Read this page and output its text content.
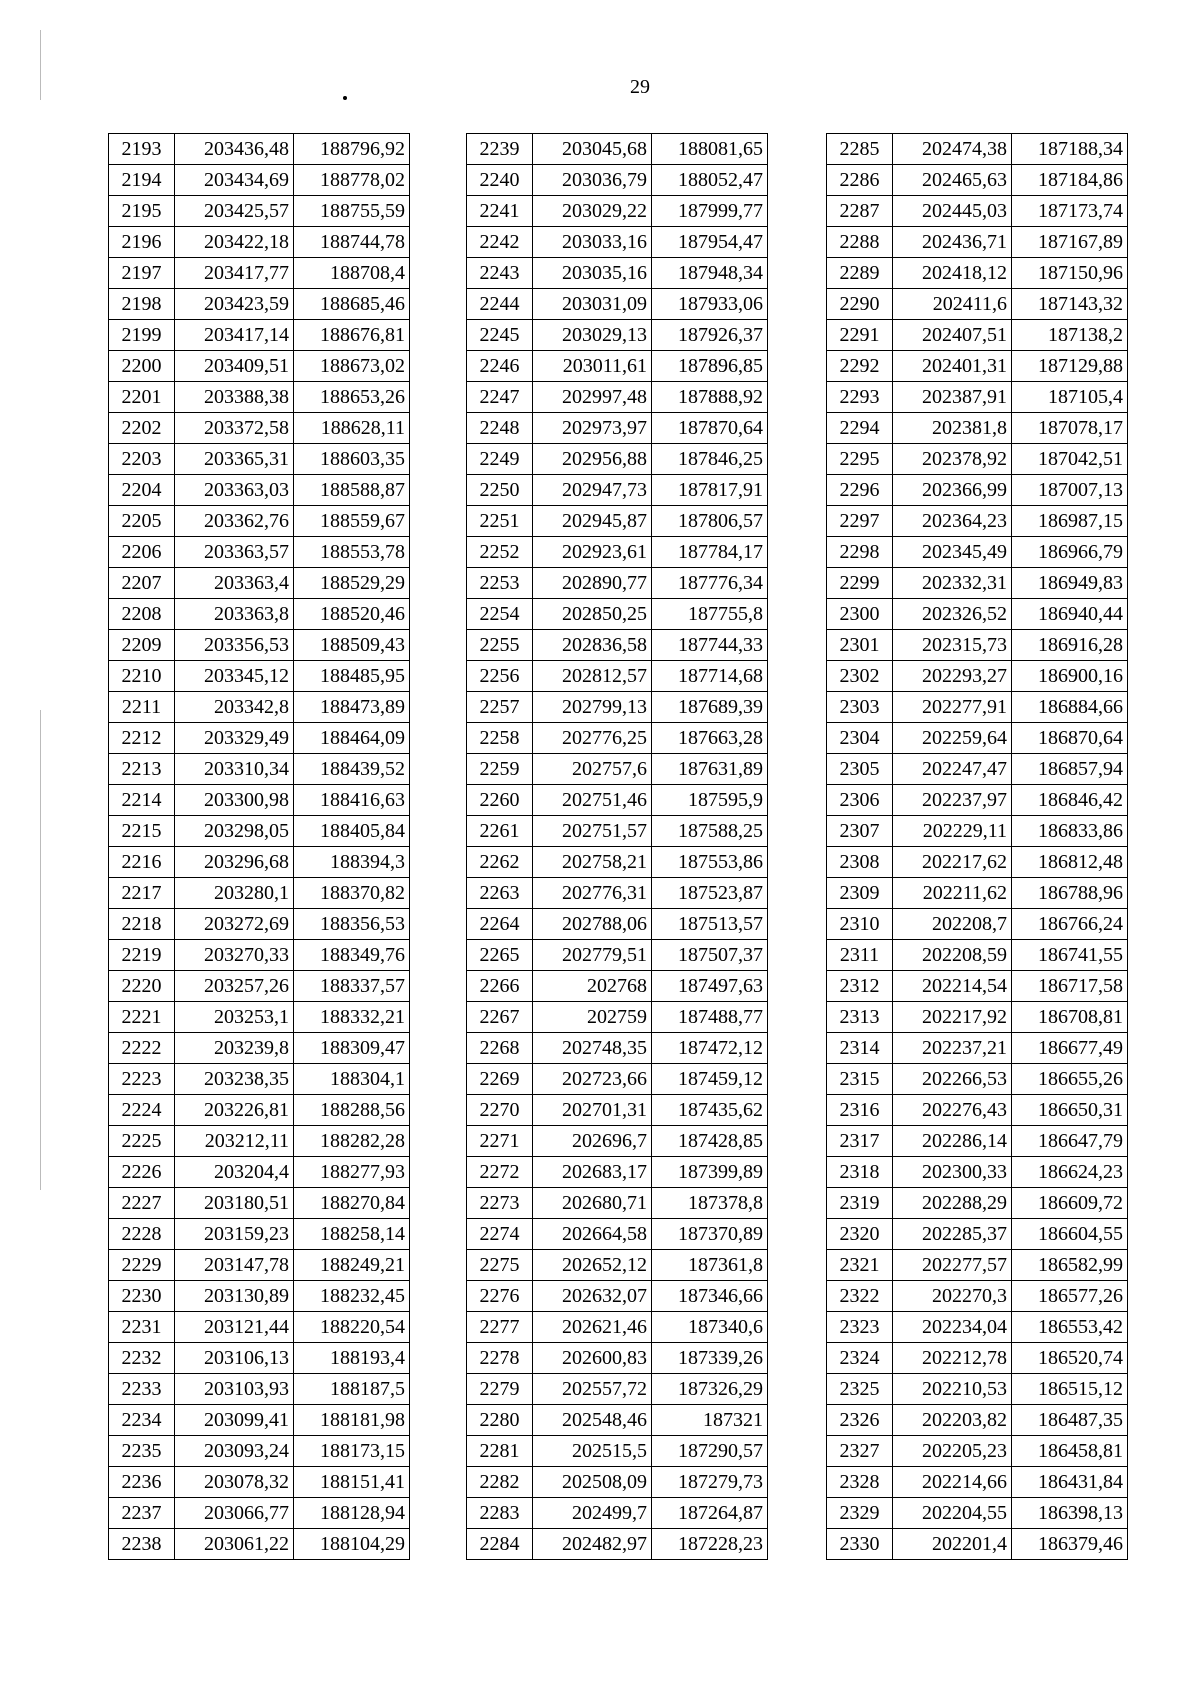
29
2193	203436,48	188796,92
2194	203434,69	188778,02
2195	203425,57	188755,59
2196	203422,18	188744,78
2197	203417,77	188708,4
2198	203423,59	188685,46
2199	203417,14	188676,81
2200	203409,51	188673,02
2201	203388,38	188653,26
2202	203372,58	188628,11
2203	203365,31	188603,35
2204	203363,03	188588,87
2205	203362,76	188559,67
2206	203363,57	188553,78
2207	203363,4	188529,29
2208	203363,8	188520,46
2209	203356,53	188509,43
2210	203345,12	188485,95
2211	203342,8	188473,89
2212	203329,49	188464,09
2213	203310,34	188439,52
2214	203300,98	188416,63
2215	203298,05	188405,84
2216	203296,68	188394,3
2217	203280,1	188370,82
2218	203272,69	188356,53
2219	203270,33	188349,76
2220	203257,26	188337,57
2221	203253,1	188332,21
2222	203239,8	188309,47
2223	203238,35	188304,1
2224	203226,81	188288,56
2225	203212,11	188282,28
2226	203204,4	188277,93
2227	203180,51	188270,84
2228	203159,23	188258,14
2229	203147,78	188249,21
2230	203130,89	188232,45
2231	203121,44	188220,54
2232	203106,13	188193,4
2233	203103,93	188187,5
2234	203099,41	188181,98
2235	203093,24	188173,15
2236	203078,32	188151,41
2237	203066,77	188128,94
2238	203061,22	188104,29
2239	203045,68	188081,65
2240	203036,79	188052,47
2241	203029,22	187999,77
2242	203033,16	187954,47
2243	203035,16	187948,34
2244	203031,09	187933,06
2245	203029,13	187926,37
2246	203011,61	187896,85
2247	202997,48	187888,92
2248	202973,97	187870,64
2249	202956,88	187846,25
2250	202947,73	187817,91
2251	202945,87	187806,57
2252	202923,61	187784,17
2253	202890,77	187776,34
2254	202850,25	187755,8
2255	202836,58	187744,33
2256	202812,57	187714,68
2257	202799,13	187689,39
2258	202776,25	187663,28
2259	202757,6	187631,89
2260	202751,46	187595,9
2261	202751,57	187588,25
2262	202758,21	187553,86
2263	202776,31	187523,87
2264	202788,06	187513,57
2265	202779,51	187507,37
2266	202768	187497,63
2267	202759	187488,77
2268	202748,35	187472,12
2269	202723,66	187459,12
2270	202701,31	187435,62
2271	202696,7	187428,85
2272	202683,17	187399,89
2273	202680,71	187378,8
2274	202664,58	187370,89
2275	202652,12	187361,8
2276	202632,07	187346,66
2277	202621,46	187340,6
2278	202600,83	187339,26
2279	202557,72	187326,29
2280	202548,46	187321
2281	202515,5	187290,57
2282	202508,09	187279,73
2283	202499,7	187264,87
2284	202482,97	187228,23
2285	202474,38	187188,34
2286	202465,63	187184,86
2287	202445,03	187173,74
2288	202436,71	187167,89
2289	202418,12	187150,96
2290	202411,6	187143,32
2291	202407,51	187138,2
2292	202401,31	187129,88
2293	202387,91	187105,4
2294	202381,8	187078,17
2295	202378,92	187042,51
2296	202366,99	187007,13
2297	202364,23	186987,15
2298	202345,49	186966,79
2299	202332,31	186949,83
2300	202326,52	186940,44
2301	202315,73	186916,28
2302	202293,27	186900,16
2303	202277,91	186884,66
2304	202259,64	186870,64
2305	202247,47	186857,94
2306	202237,97	186846,42
2307	202229,11	186833,86
2308	202217,62	186812,48
2309	202211,62	186788,96
2310	202208,7	186766,24
2311	202208,59	186741,55
2312	202214,54	186717,58
2313	202217,92	186708,81
2314	202237,21	186677,49
2315	202266,53	186655,26
2316	202276,43	186650,31
2317	202286,14	186647,79
2318	202300,33	186624,23
2319	202288,29	186609,72
2320	202285,37	186604,55
2321	202277,57	186582,99
2322	202270,3	186577,26
2323	202234,04	186553,42
2324	202212,78	186520,74
2325	202210,53	186515,12
2326	202203,82	186487,35
2327	202205,23	186458,81
2328	202214,66	186431,84
2329	202204,55	186398,13
2330	202201,4	186379,46
